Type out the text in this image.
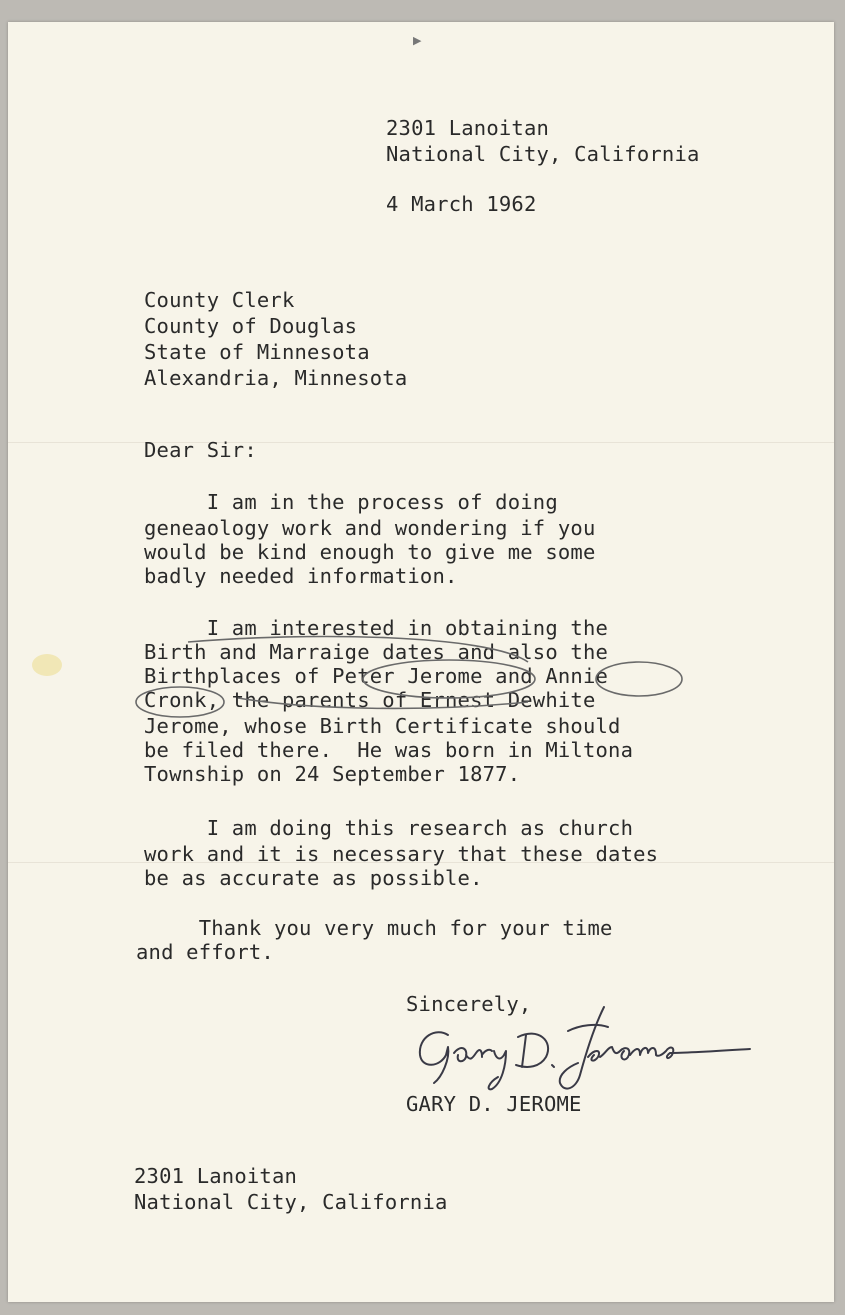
▶
2301 Lanoitan
National City, California
4 March 1962
County Clerk
County of Douglas
State of Minnesota
Alexandria, Minnesota
Dear Sir:
I am in the process of doing
geneaology work and wondering if you
would be kind enough to give me some
badly needed information.
I am interested in obtaining the
Birth and Marraige dates and also the
Birthplaces of Peter Jerome and Annie
Cronk, the parents of Ernest Dewhite
Jerome, whose Birth Certificate should
be filed there.  He was born in Miltona
Township on 24 September 1877.
I am doing this research as church
work and it is necessary that these dates
be as accurate as possible.
Thank you very much for your time
and effort.
Sincerely,
GARY D. JEROME
2301 Lanoitan
National City, California
